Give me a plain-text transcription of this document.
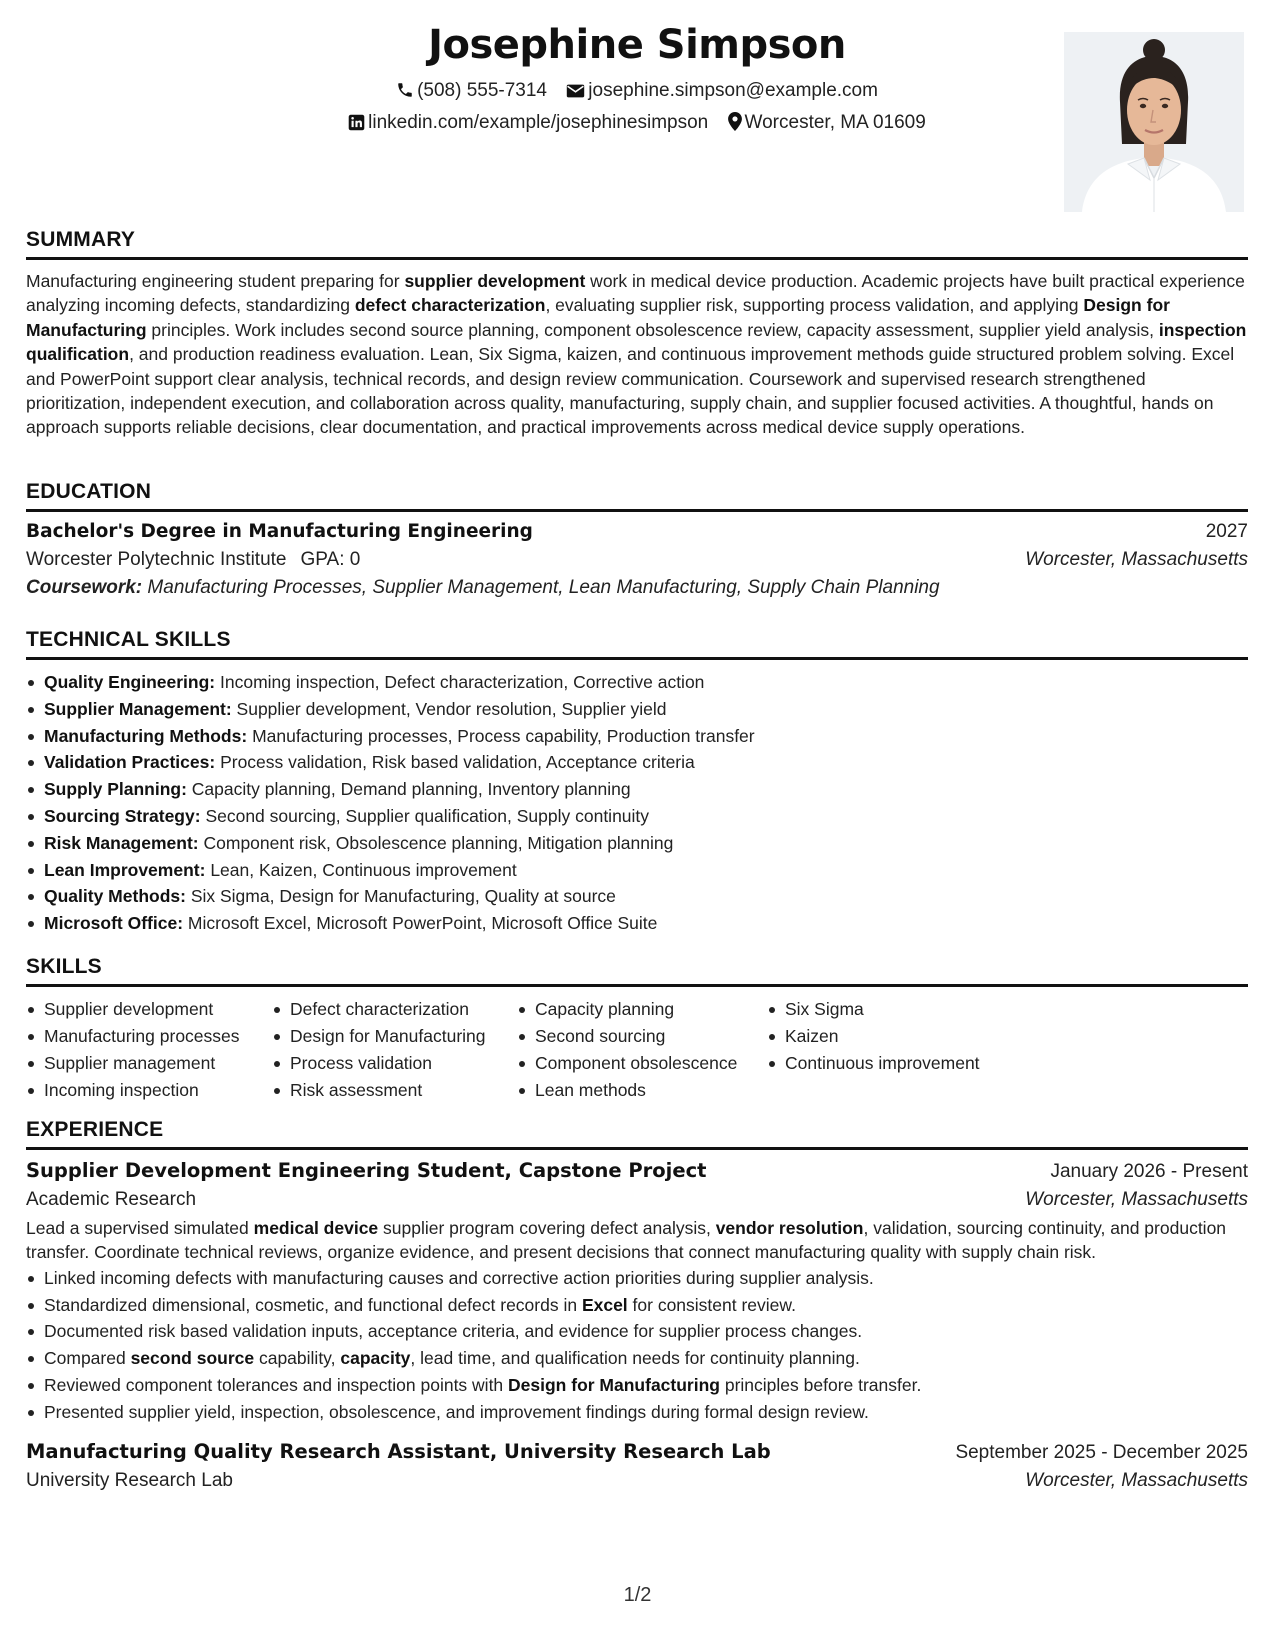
Josephine Simpson
(508) 555-7314 josephine.simpson@example.com
linkedin.com/example/josephinesimpson Worcester, MA 01609
SUMMARY

Manufacturing engineering student preparing for supplier development work in medical device production. Academic projects have built practical experience analyzing incoming defects, standardizing defect characterization, evaluating supplier risk, supporting process validation, and applying Design for Manufacturing principles. Work includes second source planning, component obsolescence review, capacity assessment, supplier yield analysis, inspection qualification, and production readiness evaluation. Lean, Six Sigma, kaizen, and continuous improvement methods guide structured problem solving. Excel and PowerPoint support clear analysis, technical records, and design review communication. Coursework and supervised research strengthened prioritization, independent execution, and collaboration across quality, manufacturing, supply chain, and supplier focused activities. A thoughtful, hands on approach supports reliable decisions, clear documentation, and practical improvements across medical device supply operations.

EDUCATION
Bachelor's Degree in Manufacturing Engineering	2027
Worcester Polytechnic Institute GPA: 0	Worcester, Massachusetts
Coursework: Manufacturing Processes, Supplier Management, Lean Manufacturing, Supply Chain Planning
TECHNICAL SKILLS
Quality Engineering: Incoming inspection, Defect characterization, Corrective action
Supplier Management: Supplier development, Vendor resolution, Supplier yield
Manufacturing Methods: Manufacturing processes, Process capability, Production transfer
Validation Practices: Process validation, Risk based validation, Acceptance criteria
Supply Planning: Capacity planning, Demand planning, Inventory planning
Sourcing Strategy: Second sourcing, Supplier qualification, Supply continuity
Risk Management: Component risk, Obsolescence planning, Mitigation planning
Lean Improvement: Lean, Kaizen, Continuous improvement
Quality Methods: Six Sigma, Design for Manufacturing, Quality at source
Microsoft Office: Microsoft Excel, Microsoft PowerPoint, Microsoft Office Suite
SKILLS
Supplier development
Manufacturing processes
Supplier management
Incoming inspection
Defect characterization
Design for Manufacturing
Process validation
Risk assessment
Capacity planning
Second sourcing
Component obsolescence
Lean methods
Six Sigma
Kaizen
Continuous improvement
EXPERIENCE
Supplier Development Engineering Student, Capstone Project	January 2026 - Present
Academic Research	Worcester, Massachusetts

Lead a supervised simulated medical device supplier program covering defect analysis, vendor resolution, validation, sourcing continuity, and production transfer. Coordinate technical reviews, organize evidence, and present decisions that connect manufacturing quality with supply chain risk.

Linked incoming defects with manufacturing causes and corrective action priorities during supplier analysis.
Standardized dimensional, cosmetic, and functional defect records in Excel for consistent review.
Documented risk based validation inputs, acceptance criteria, and evidence for supplier process changes.
Compared second source capability, capacity, lead time, and qualification needs for continuity planning.
Reviewed component tolerances and inspection points with Design for Manufacturing principles before transfer.
Presented supplier yield, inspection, obsolescence, and improvement findings during formal design review.
Manufacturing Quality Research Assistant, University Research Lab	September 2025 - December 2025
University Research Lab	Worcester, Massachusetts
1/2
